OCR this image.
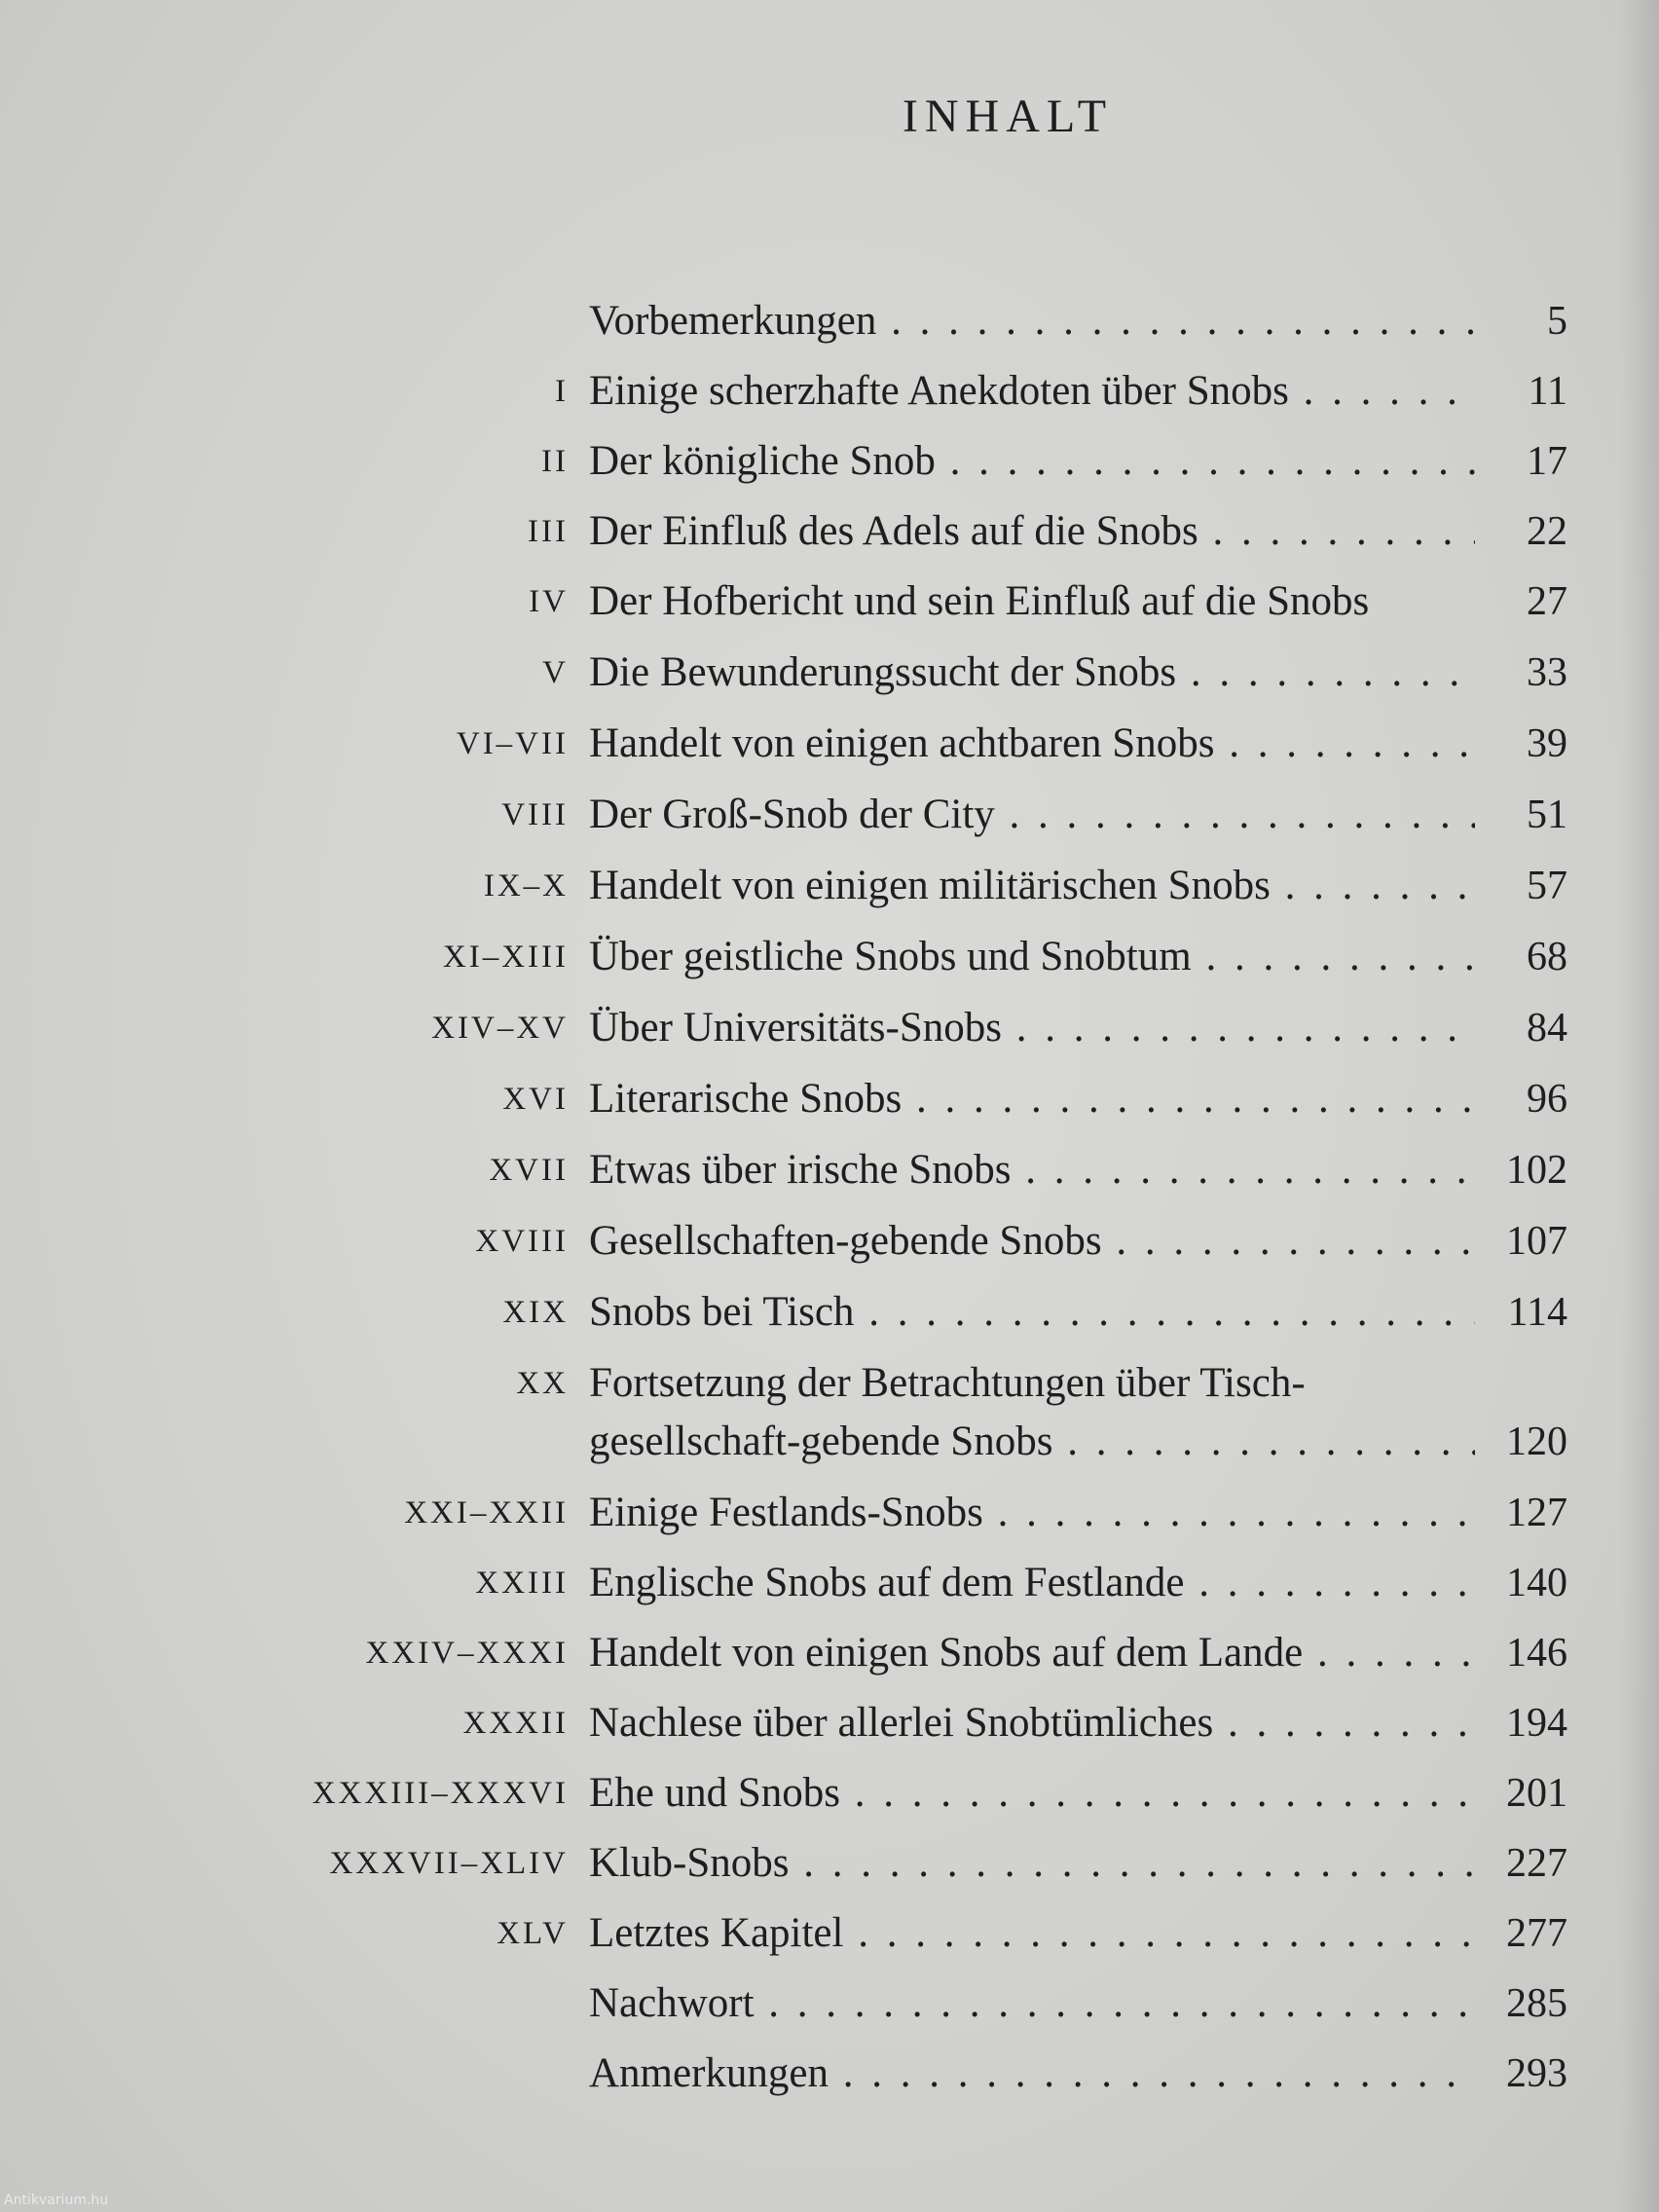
INHALT
Vorbemerkungen . . .	5
I Einige scherzhafte Anekdoten über Snobs . . .	11
II Der königliche Snob . . .	17
III Der Einfluß des Adels auf die Snobs . . .	22
IV Der Hofbericht und sein Einfluß auf die Snobs	27
V Die Bewunderungssucht der Snobs . . .	33
VI–VII Handelt von einigen achtbaren Snobs . . .	39
VIII Der Groß-Snob der City . . .	51
IX–X Handelt von einigen militärischen Snobs . . .	57
XI–XIII Über geistliche Snobs und Snobtum . . .	68
XIV–XV Über Universitäts-Snobs . . .	84
XVI Literarische Snobs . . .	96
XVII Etwas über irische Snobs . . .	102
XVIII Gesellschaften-gebende Snobs . . .	107
XIX Snobs bei Tisch . . .	114
XX Fortsetzung der Betrachtungen über Tisch-
gesellschaft-gebende Snobs . . .	120
XXI–XXII Einige Festlands-Snobs . . .	127
XXIII Englische Snobs auf dem Festlande . . .	140
XXIV–XXXI Handelt von einigen Snobs auf dem Lande . . .	146
XXXII Nachlese über allerlei Snobtümliches . . .	194
XXXIII–XXXVI Ehe und Snobs . . .	201
XXXVII–XLIV Klub-Snobs . . .	227
XLV Letztes Kapitel . . .	277
Nachwort . . .	285
Anmerkungen . . .	293
Antikvarium.hu
